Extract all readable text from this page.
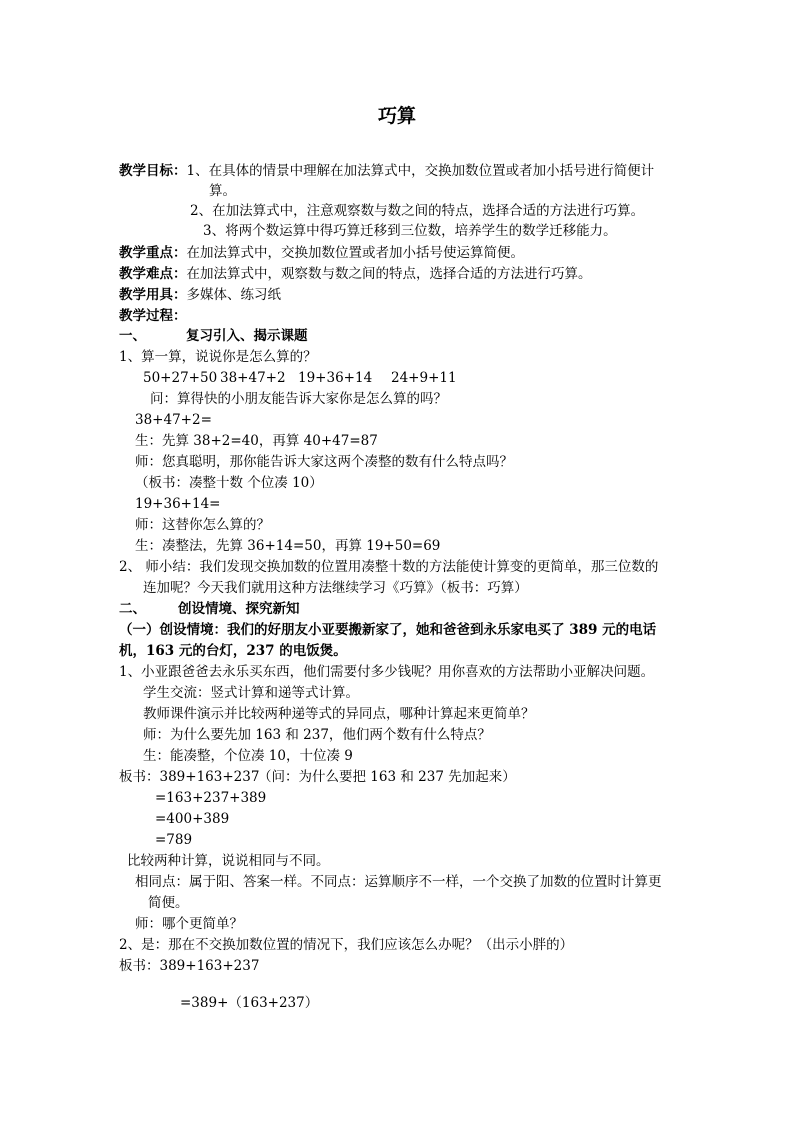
巧算
教学目标：1、在具体的情景中理解在加法算式中，交换加数位置或者加小括号进行简便计
算。
2、在加法算式中，注意观察数与数之间的特点，选择合适的方法进行巧算。
3、将两个数运算中得巧算迁移到三位数，培养学生的数学迁移能力。
教学重点：在加法算式中，交换加数位置或者加小括号使运算简便。
教学难点：在加法算式中，观察数与数之间的特点，选择合适的方法进行巧算。
教学用具：多媒体、练习纸
教学过程：
一、	复习引入、揭示课题
1、算一算，说说你是怎么算的？
50+27+50 38+47+2 19+36+14 24+9+11
问：算得快的小朋友能告诉大家你是怎么算的吗？
38+47+2=
生：先算 38+2=40，再算 40+47=87
师：您真聪明，那你能告诉大家这两个凑整的数有什么特点吗？
（板书：凑整十数 个位凑 10）
19+36+14=
师：这替你怎么算的？
生：凑整法，先算 36+14=50，再算 19+50=69
2、 师小结：我们发现交换加数的位置用凑整十数的方法能使计算变的更简单，那三位数的
连加呢？今天我们就用这种方法继续学习《巧算》（板书：巧算）
二、 创设情境、探究新知
（一）创设情境：我们的好朋友小亚要搬新家了，她和爸爸到永乐家电买了 389 元的电话
机，163 元的台灯，237 的电饭煲。
1、小亚跟爸爸去永乐买东西，他们需要付多少钱呢？用你喜欢的方法帮助小亚解决问题。
学生交流：竖式计算和递等式计算。
教师课件演示并比较两种递等式的异同点，哪种计算起来更简单？
师：为什么要先加 163 和 237，他们两个数有什么特点？
生：能凑整，个位凑 10，十位凑 9
板书：389+163+237
（问：为什么要把 163 和 237 先加起来）
=163+237+389
=400+389
=789
比较两种计算，说说相同与不同。
相同点：属于阳、答案一样。不同点：运算顺序不一样，一个交换了加数的位置时计算更
简便。
师：哪个更简单？
2、是：那在不交换加数位置的情况下，我们应该怎么办呢？（出示小胖的）
板书：389+163+237
=389+（163+237）
